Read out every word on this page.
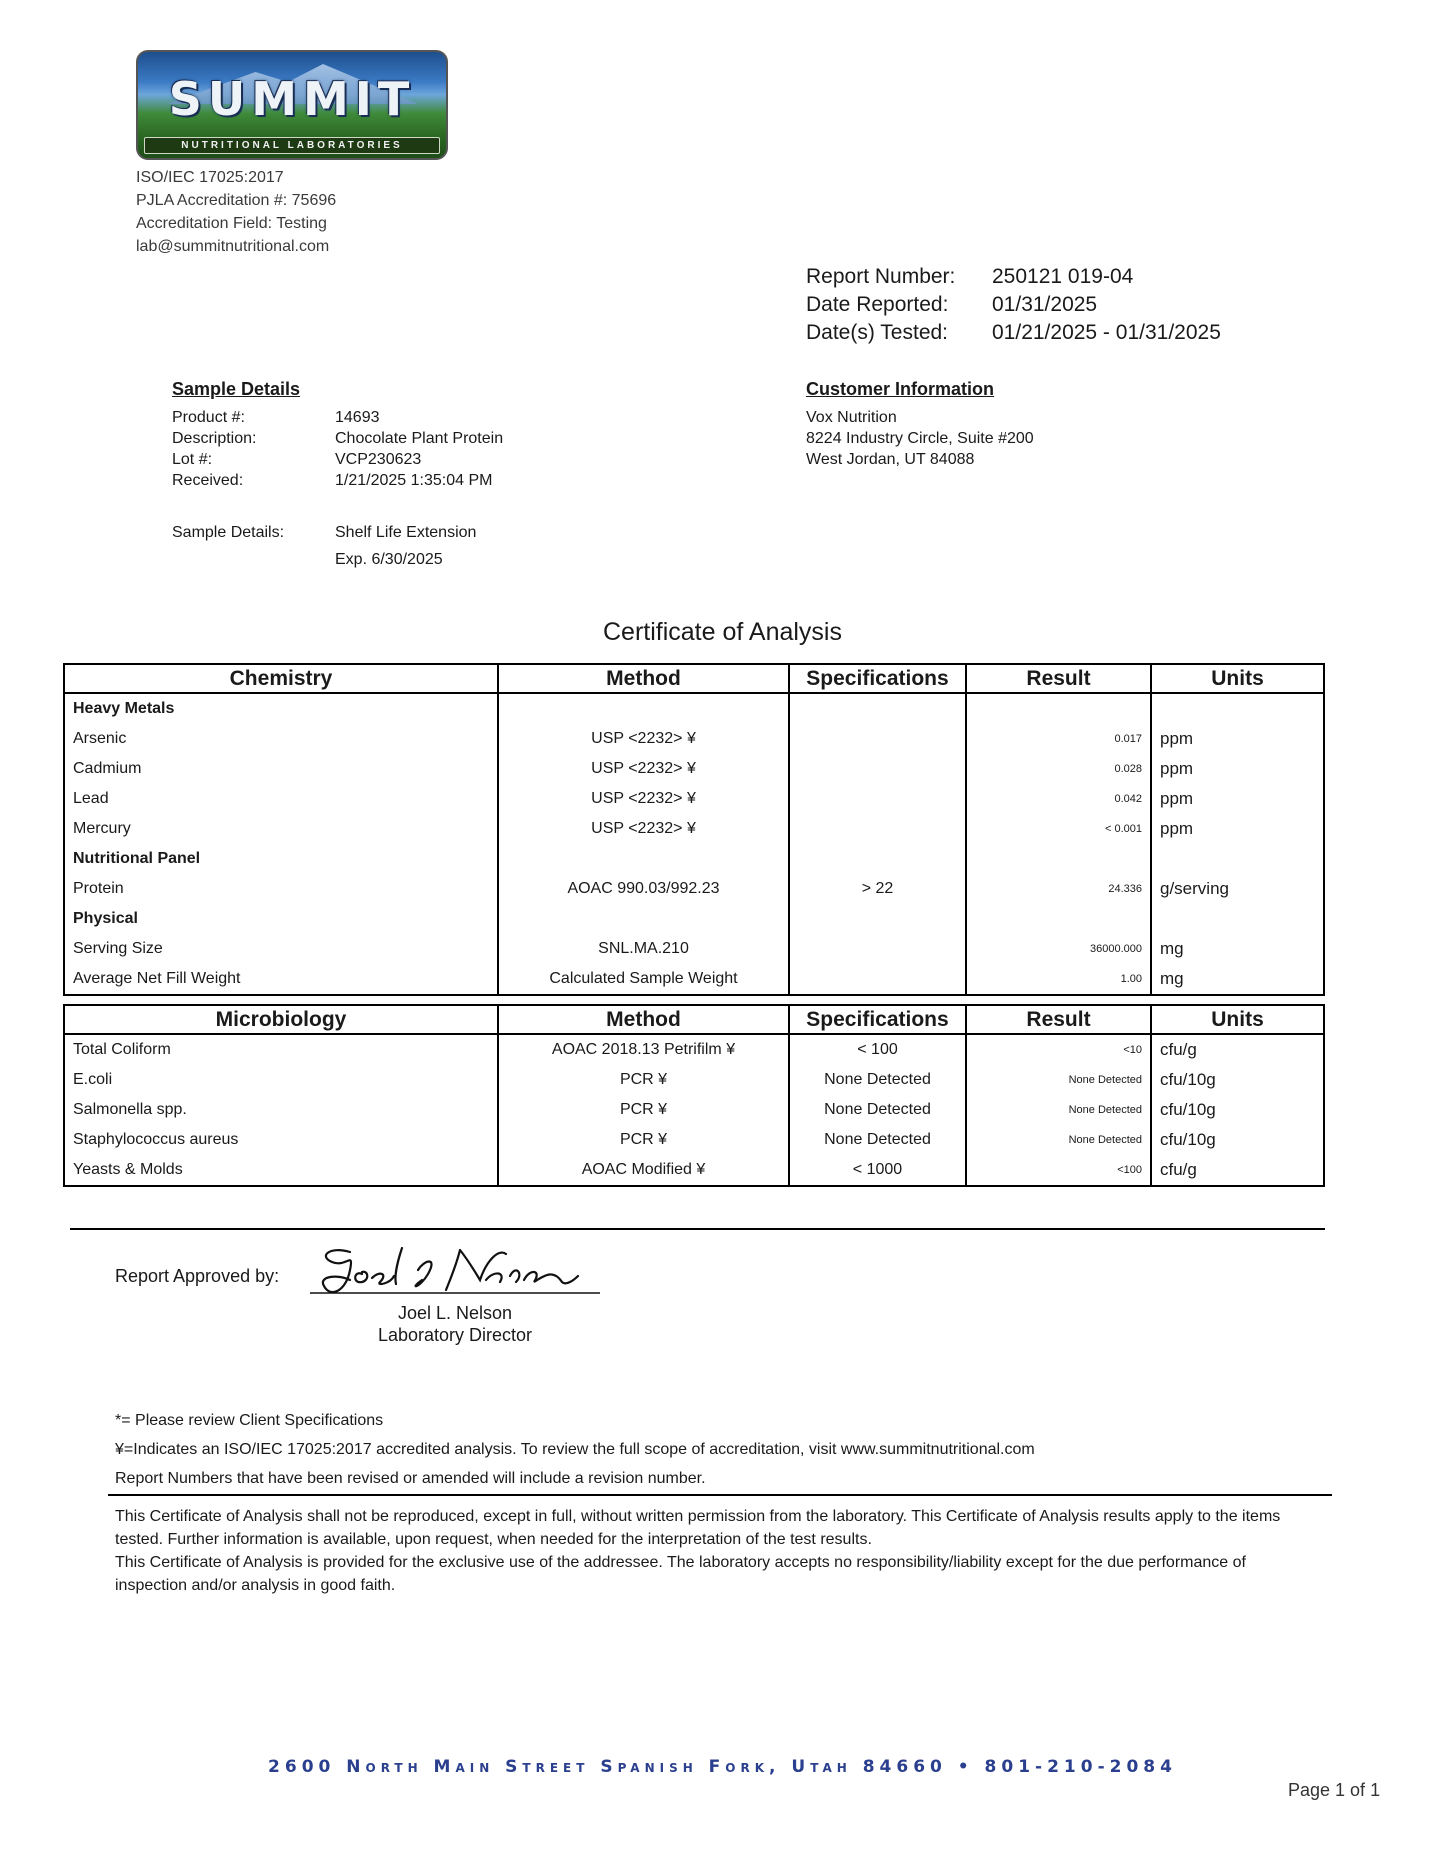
SUMMIT
NUTRITIONAL LABORATORIES
ISO/IEC 17025:2017
PJLA Accreditation #: 75696
Accreditation Field: Testing
lab@summitnutritional.com
Report Number:	250121 019-04
Date Reported:	01/31/2025
Date(s) Tested:	01/21/2025 - 01/31/2025
Sample Details
Product #:	14693
Description:	Chocolate Plant Protein
Lot #:	VCP230623
Received:	1/21/2025 1:35:04 PM
Sample Details:	Shelf Life Extension
Exp. 6/30/2025
Customer Information
Vox Nutrition
8224 Industry Circle, Suite #200
West Jordan, UT 84088
Certificate of Analysis
Chemistry	Method	Specifications	Result	Units
Heavy Metals				
Arsenic	USP <2232> ¥		0.017	ppm
Cadmium	USP <2232> ¥		0.028	ppm
Lead	USP <2232> ¥		0.042	ppm
Mercury	USP <2232> ¥		< 0.001	ppm
Nutritional Panel				
Protein	AOAC 990.03/992.23	> 22	24.336	g/serving
Physical				
Serving Size	SNL.MA.210		36000.000	mg
Average Net Fill Weight	Calculated Sample Weight		1.00	mg
Microbiology	Method	Specifications	Result	Units
Total Coliform	AOAC 2018.13 Petrifilm ¥	< 100	<10	cfu/g
E.coli	PCR ¥	None Detected	None Detected	cfu/10g
Salmonella spp.	PCR ¥	None Detected	None Detected	cfu/10g
Staphylococcus aureus	PCR ¥	None Detected	None Detected	cfu/10g
Yeasts & Molds	AOAC Modified ¥	< 1000	<100	cfu/g
Report Approved by:
Joel L. Nelson
Laboratory Director
*= Please review Client Specifications
¥=Indicates an ISO/IEC 17025:2017 accredited analysis. To review the full scope of accreditation, visit www.summitnutritional.com
Report Numbers that have been revised or amended will include a revision number.
This Certificate of Analysis shall not be reproduced, except in full, without written permission from the laboratory. This Certificate of Analysis results apply to the items tested. Further information is available, upon request, when needed for the interpretation of the test results.
This Certificate of Analysis is provided for the exclusive use of the addressee. The laboratory accepts no responsibility/liability except for the due performance of inspection and/or analysis in good faith.
2600 North Main Street Spanish Fork, Utah 84660 • 801-210-2084
Page 1 of 1
